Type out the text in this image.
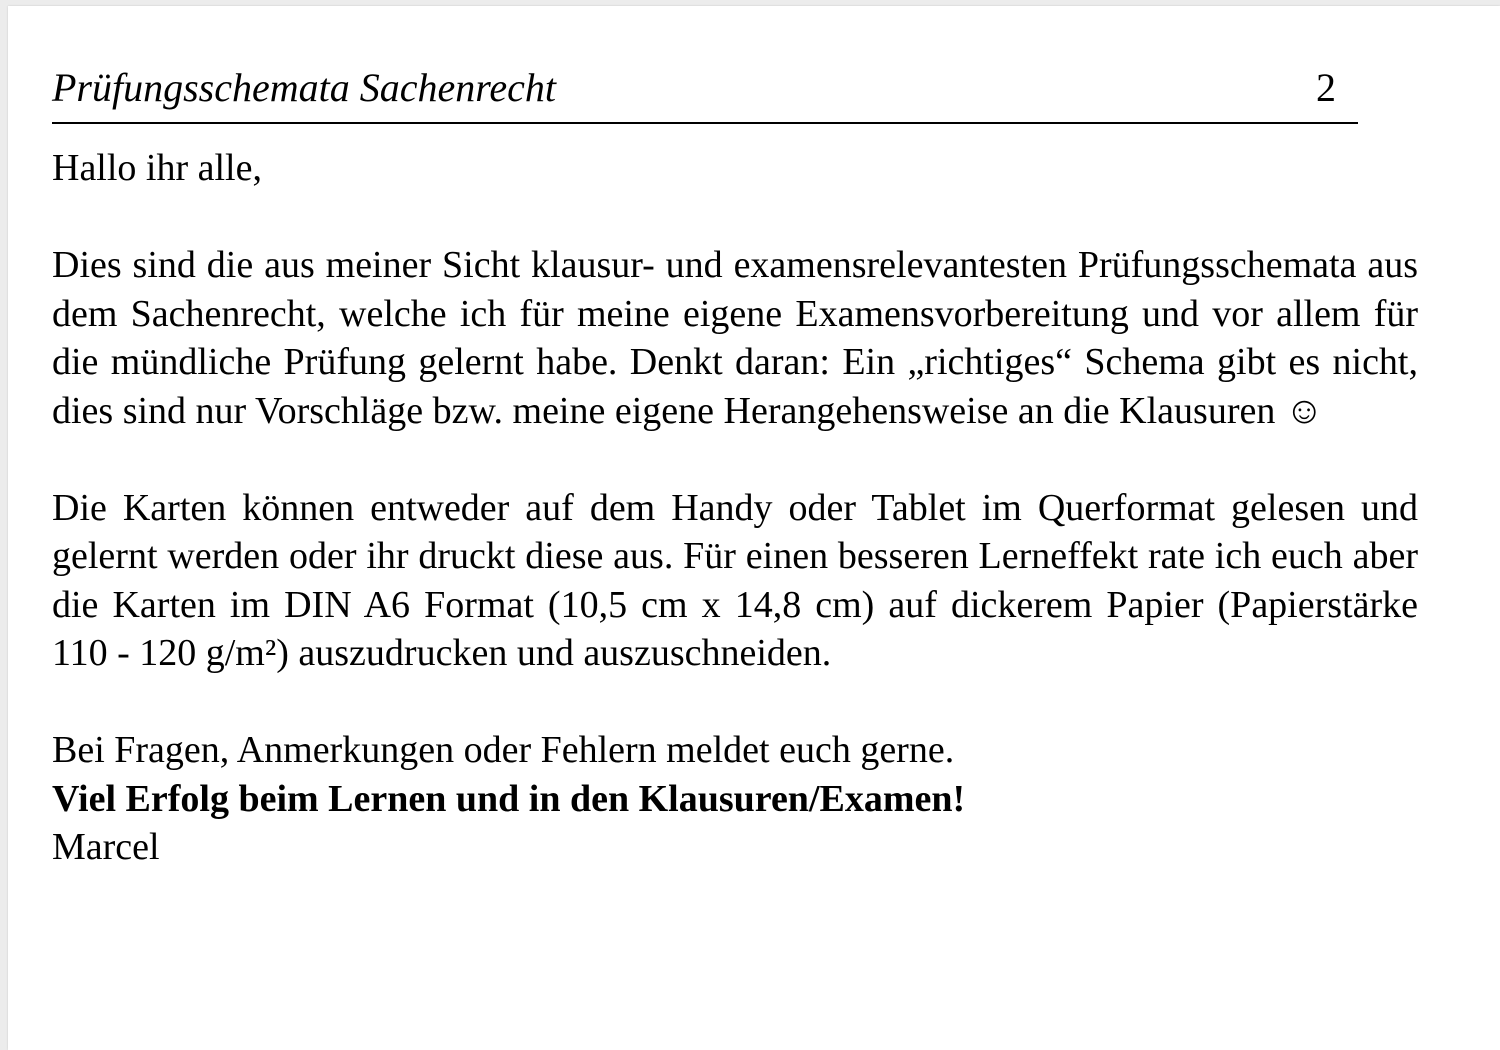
Prüfungsschemata Sachenrecht	2

Hallo ihr alle,

Dies sind die aus meiner Sicht klausur- und examensrelevantesten Prüfungsschemata aus dem Sachenrecht, welche ich für meine eigene Examensvorbereitung und vor allem für die mündliche Prüfung gelernt habe. Denkt daran: Ein „richtiges“ Schema gibt es nicht, dies sind nur Vorschläge bzw. meine eigene Herangehensweise an die Klausuren ☺

Die Karten können entweder auf dem Handy oder Tablet im Querformat gelesen und gelernt werden oder ihr druckt diese aus. Für einen besseren Lerneffekt rate ich euch aber die Karten im DIN A6 Format (10,5 cm x 14,8 cm) auf dickerem Papier (Papierstärke 110 - 120 g/m²) auszudrucken und auszuschneiden.

Bei Fragen, Anmerkungen oder Fehlern meldet euch gerne.

Viel Erfolg beim Lernen und in den Klausuren/Examen!

Marcel
